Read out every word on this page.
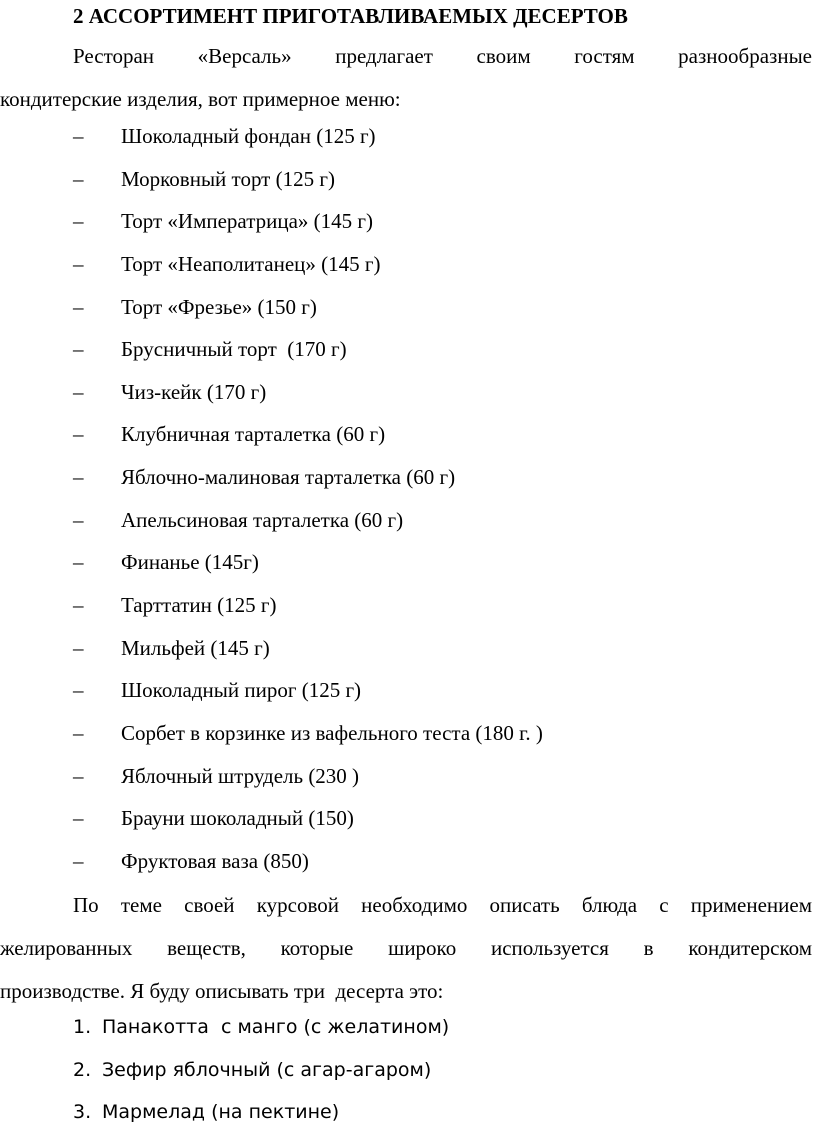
2 АССОРТИМЕНТ ПРИГОТАВЛИВАЕМЫХ ДЕСЕРТОВ
Ресторан «Версаль» предлагает своим гостям разнообразные
кондитерские изделия, вот примерное меню:
– Шоколадный фондан (125 г)
– Морковный торт (125 г)
– Торт «Императрица» (145 г)
– Торт «Неаполитанец» (145 г)
– Торт «Фрезье» (150 г)
– Брусничный торт  (170 г)
– Чиз-кейк (170 г)
– Клубничная тарталетка (60 г)
– Яблочно-малиновая тарталетка (60 г)
– Апельсиновая тарталетка (60 г)
– Финанье (145г)
– Тарттатин (125 г)
– Мильфей (145 г)
– Шоколадный пирог (125 г)
– Сорбет в корзинке из вафельного теста (180 г. )
– Яблочный штрудель (230 )
– Брауни шоколадный (150)
– Фруктовая ваза (850)
По теме своей курсовой необходимо описать блюда с применением
желированных веществ, которые широко используется в кондитерском
производстве. Я буду описывать три  десерта это:
1. Панакотта  с манго (с желатином)
2. Зефир яблочный (с агар-агаром)
3. Мармелад (на пектине)
